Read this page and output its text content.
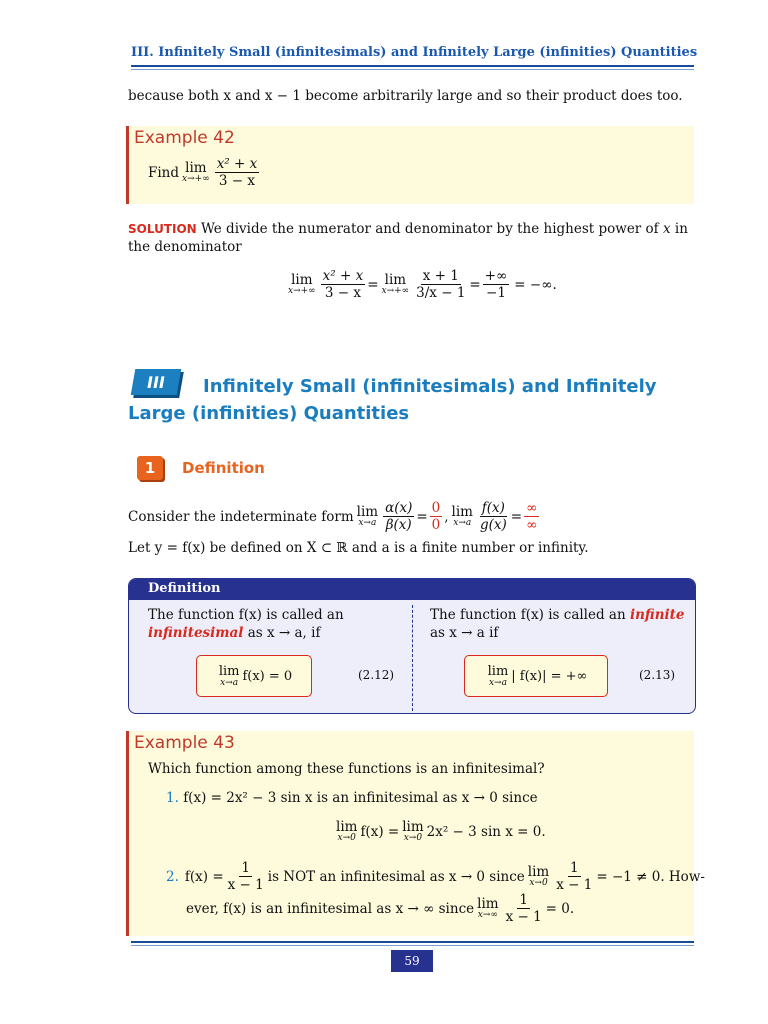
III. Infinitely Small (infinitesimals) and Infinitely Large (infinities) Quantities
because both x and x − 1 become arbitrarily large and so their product does too.
Example 42
Find lim
$x\to+\infty \frac{\text{x² + x}}{3 - x}$
SOLUTION We divide the numerator and denominator by the highest power of x in the denominator
lim
$x\to+\infty \frac{\text{x² + x}}{3 - x} = \lim$
$x\to+\infty \frac{x + 1}{3/x - 1} = \frac{+\infty}{-1}$ = −∞.
III	Infinitely Small (infinitesimals) and Infinitely Large (infinities) Quantities
1 Definition
Consider the indeterminate form lim
$x\to a \frac{\alpha(x)}{\beta(x)} = \frac{0}{0}$ , lim
$x\to a \frac{f(x)}{g(x)} = \frac{\infty}{\infty}$
Let y = f(x) be defined on X ⊂ ℝ and a is a finite number or infinity.
Definition
The function f(x) is called an infinitesimal as x → a, if
lim
x→a f(x) = 0	(2.12)
The function f(x) is called an infinite as x → a if
lim
x→a | f(x)| = +∞	(2.13)
Example 43
Which function among these functions is an infinitesimal?
1. f(x) = 2x² − 3 sin x is an infinitesimal as x → 0 since
lim
x→0 f(x) = lim
x→0 2x² − 3 sin x = 0.
2. $f(x) = \frac{1}{x - 1}$ is NOT an infinitesimal as x → 0 since lim
$x\to 0 \frac{1}{x - 1} = -1 \ne 0$. How-
ever, f(x) is an infinitesimal as x → ∞ since lim
$x\to\infty \frac{1}{x - 1} = 0$.
59
